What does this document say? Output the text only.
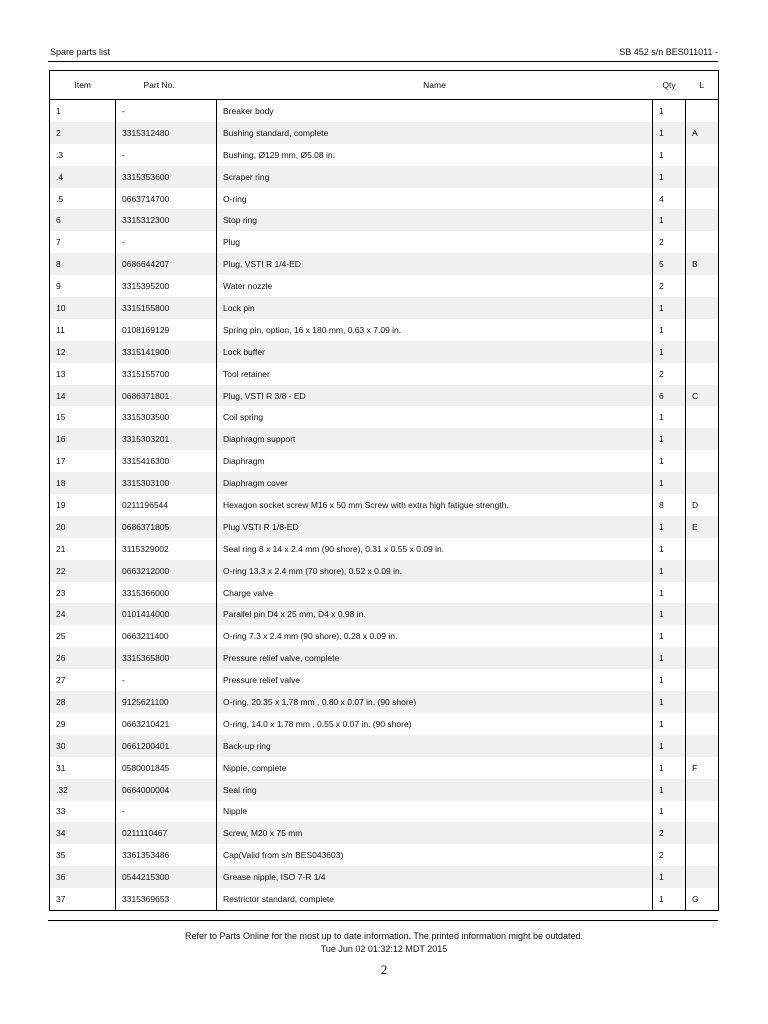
Spare parts list	SB 452 s/n BES011011 -
Item	Part No.	Name	Qty	L
1	-	Breaker body	1	
2	3315312480	Bushing standard, complete	1	A
.3	-	Bushing, Ø129 mm, Ø5.08 in.	1	
.4	3315353600	Scraper ring	1	
.5	0663714700	O-ring	4	
6	3315312300	Stop ring	1	
7	-	Plug	2	
8	0686644207	Plug, VSTI R 1/4-ED	5	B
9	3315395200	Water nozzle	2	
10	3315155800	Lock pin	1	
11	0108169129	Spring pin, option, 16 x 180 mm, 0.63 x 7.09 in.	1	
12	3315141900	Lock buffer	1	
13	3315155700	Tool retainer	2	
14	0686371801	Plug, VSTI R 3/8 - ED	6	C
15	3315303500	Coil spring	1	
16	3315303201	Diaphragm support	1	
17	3315416300	Diaphragm	1	
18	3315303100	Diaphragm cover	1	
19	0211196544	Hexagon socket screw M16 x 50 mm Screw with extra high fatigue strength.	8	D
20	0686371805	Plug VSTI R 1/8-ED	1	E
21	3115329002	Seal ring 8 x 14 x 2.4 mm (90 shore), 0.31 x 0.55 x 0.09 in.	1	
22	0663212000	O-ring 13.3 x 2.4 mm (70 shore), 0.52 x 0.09 in.	1	
23	3315366000	Charge valve	1	
24	0101414000	Parallel pin D4 x 25 mm, D4 x 0.98 in.	1	
25	0663211400	O-ring 7.3 x 2.4 mm (90 shore), 0.28 x 0.09 in.	1	
26	3315365800	Pressure relief valve, complete	1	
27	-	Pressure relief valve	1	
28	9125621100	O-ring, 20.35 x 1.78 mm , 0.80 x 0.07 in. (90 shore)	1	
29	0663210421	O-ring, 14.0 x 1.78 mm , 0.55 x 0.07 in. (90 shore)	1	
30	0661200401	Back-up ring	1	
31	0580001845	Nipple, complete	1	F
.32	0664000004	Seal ring	1	
33	-	Nipple	1	
34	0211110467	Screw, M20 x 75 mm	2	
35	3361353486	Cap(Valid from s/n BES043603)	2	
36	0544215300	Grease nipple, ISO 7-R 1/4	1	
37	3315369653	Restrictor standard, complete	1	G
Refer to Parts Online for the most up to date information. The printed information might be outdated.
Tue Jun 02 01:32:12 MDT 2015
2
